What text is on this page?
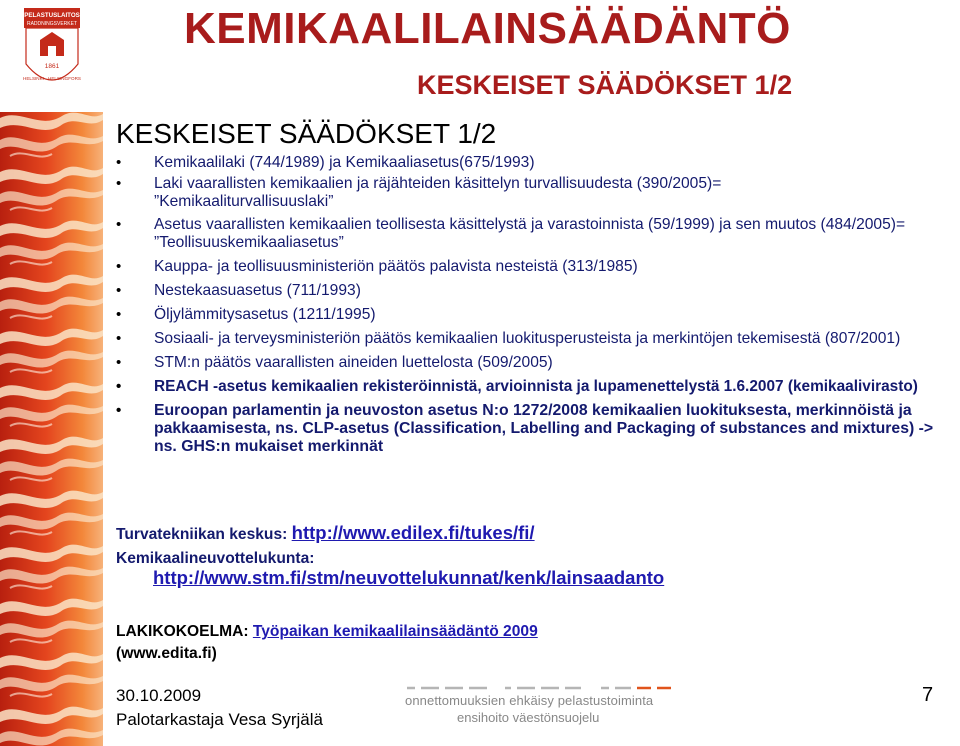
PELASTUSLAITOS
RADDNINGSVERKET
1861
HELSINKI · HELSINGFORS
KEMIKAALILAINSÄÄDÄNTÖ
KESKEISET SÄÄDÖKSET 1/2
KESKEISET SÄÄDÖKSET 1/2
• Kemikaalilaki (744/1989) ja Kemikaaliasetus(675/1993)
• Laki vaarallisten kemikaalien ja räjähteiden käsittelyn turvallisuudesta (390/2005)= ”Kemikaaliturvallisuuslaki”
• Asetus vaarallisten kemikaalien teollisesta käsittelystä ja varastoinnista (59/1999) ja sen muutos (484/2005)= ”Teollisuuskemikaaliasetus”
• Kauppa- ja teollisuusministeriön päätös palavista nesteistä (313/1985)
• Nestekaasuasetus (711/1993)
• Öljylämmitysasetus (1211/1995)
• Sosiaali- ja terveysministeriön päätös kemikaalien luokitusperusteista ja merkintöjen tekemisestä (807/2001)
• STM:n päätös vaarallisten aineiden luettelosta (509/2005)
• REACH -asetus kemikaalien rekisteröinnistä, arvioinnista ja lupamenettelystä 1.6.2007 (kemikaalivirasto)
• Euroopan parlamentin ja neuvoston asetus N:o 1272/2008 kemikaalien luokituksesta, merkinnöistä ja pakkaamisesta, ns. CLP-asetus (Classification, Labelling and Packaging of substances and mixtures) -> ns. GHS:n mukaiset merkinnät
Turvatekniikan keskus: http://www.edilex.fi/tukes/fi/
Kemikaalineuvottelukunta:
http://www.stm.fi/stm/neuvottelukunnat/kenk/lainsaadanto
LAKIKOKOELMA: Työpaikan kemikaalilainsäädäntö 2009
(www.edita.fi)
30.10.2009
Palotarkastaja Vesa Syrjälä
onnettomuuksien ehkäisy pelastustoiminta
ensihoito väestönsuojelu
7
